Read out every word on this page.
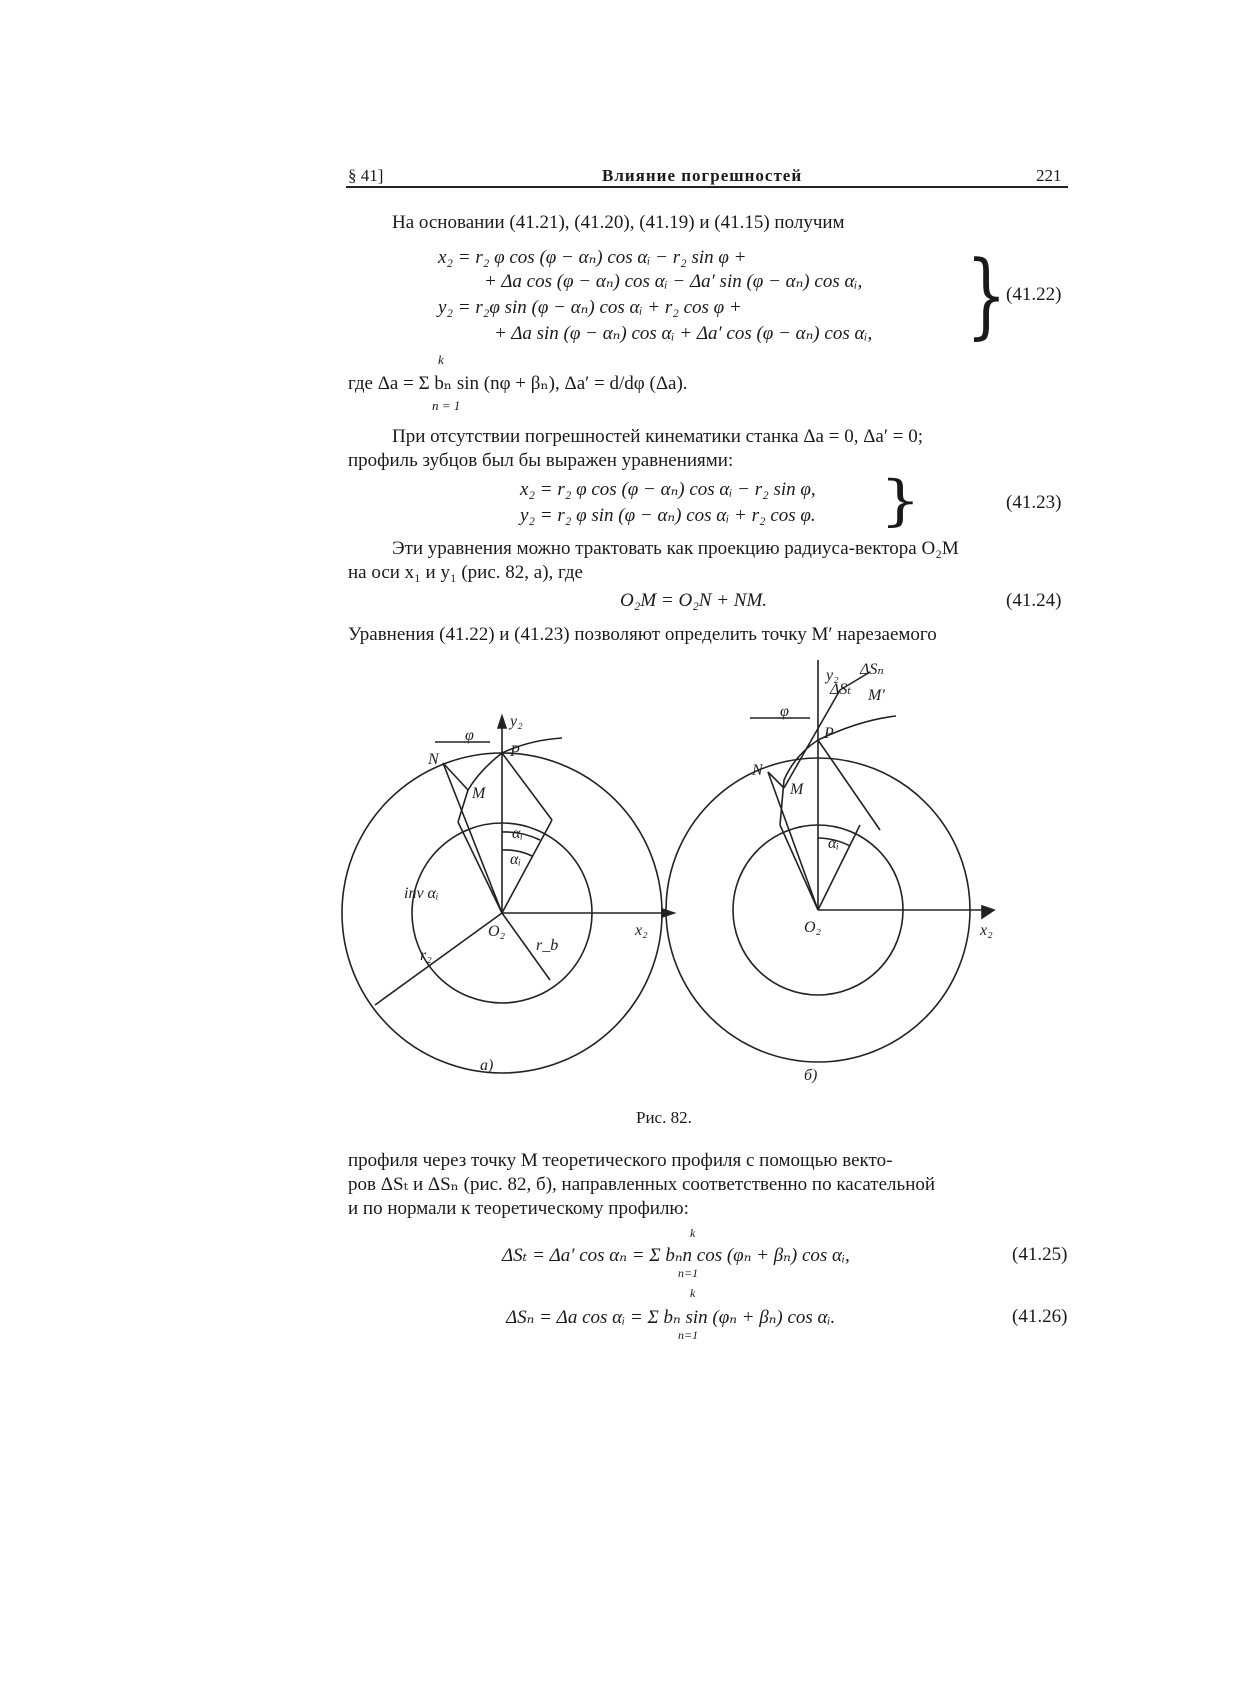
§ 41]	Влияние погрешностей	221
На основании (41.21), (41.20), (41.19) и (41.15) получим
x₂ = r₂ φ cos (φ − αₙ) cos αᵢ − r₂ sin φ +
+ Δa cos (φ − αₙ) cos αᵢ − Δa′ sin (φ − αₙ) cos αᵢ,
y₂ = r₂φ sin (φ − αₙ) cos αᵢ + r₂ cos φ +
+ Δa sin (φ − αₙ) cos αᵢ + Δa′ cos (φ − αₙ) cos αᵢ, } (41.22)
k
где Δa = Σ bₙ sin (nφ + βₙ), Δa′ = d/dφ (Δa).
n = 1
При отсутствии погрешностей кинематики станка Δa = 0, Δa′ = 0;
профиль зубцов был бы выражен уравнениями:
x₂ = r₂ φ cos (φ − αₙ) cos αᵢ − r₂ sin φ,
y₂ = r₂ φ sin (φ − αₙ) cos αᵢ + r₂ cos φ. }	(41.23)
Эти уравнения можно трактовать как проекцию радиуса-вектора O₂M
на оси x₁ и y₁ (рис. 82, а), где
O₂M = O₂N + NM.	(41.24)
Уравнения (41.22) и (41.23) позволяют определить точку M′ нарезаемого
y₂
x₂
O₂
P
N
M
φ
αᵢ
αᵢ
inv αᵢ
r_b
r₂
а)
y₂
x₂
O₂
P
N
M
M′
φ
αᵢ
ΔSₜ
ΔSₙ
б)
Рис. 82.
профиля через точку M теоретического профиля с помощью векто-
ров ΔSₜ и ΔSₙ (рис. 82, б), направленных соответственно по касательной
и по нормали к теоретическому профилю:
k
ΔSₜ = Δa′ cos αₙ = Σ bₙn cos (φₙ + βₙ) cos αᵢ,
n=1
(41.25)
k
ΔSₙ = Δa cos αᵢ = Σ bₙ sin (φₙ + βₙ) cos αᵢ.
n=1
(41.26)
